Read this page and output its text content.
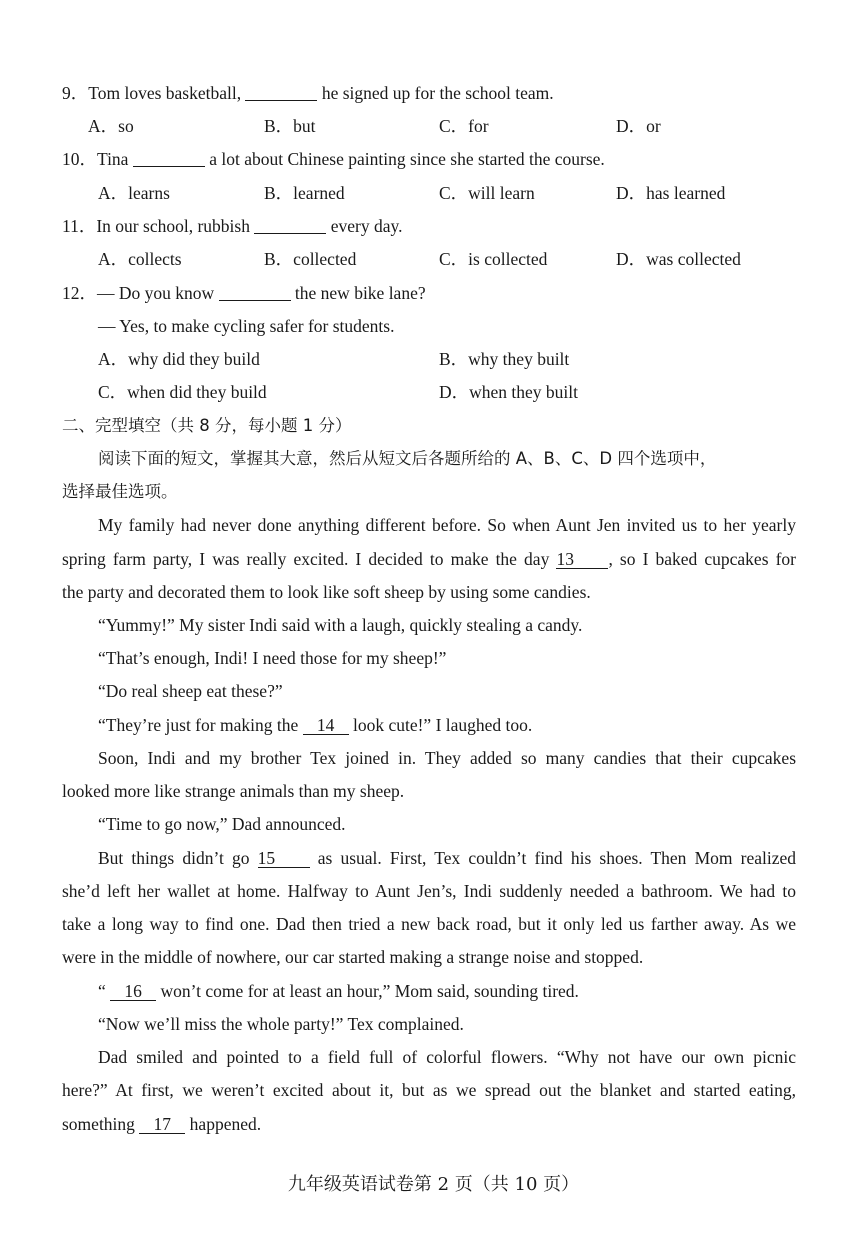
9．Tom loves basketball,	he signed up for the school team.
A．so	B．but	C．for	D．or
10．Tina	a lot about Chinese painting since she started the course.
A．learns	B．learned	C．will learn	D．has learned
11．In our school, rubbish	every day.
A．collects	B．collected	C．is collected	D．was collected
12．— Do you know	the new bike lane?
— Yes, to make cycling safer for students.
A．why did they build	B．why they built
C．when did they build	D．when they built
二、完型填空（共 8 分，每小题 1 分）
阅读下面的短文，掌握其大意，然后从短文后各题所给的 A、B、C、D 四个选项中，
选择最佳选项。
My family had never done anything different before. So when Aunt Jen invited us to her yearly
spring farm party, I was really excited. I decided to make the day 13 , so I baked cupcakes for
the party and decorated them to look like soft sheep by using some candies.
“Yummy!” My sister Indi said with a laugh, quickly stealing a candy.
“That’s enough, Indi! I need those for my sheep!”
“Do real sheep eat these?”
“They’re just for making the 14 look cute!” I laughed too.
Soon, Indi and my brother Tex joined in. They added so many candies that their cupcakes
looked more like strange animals than my sheep.
“Time to go now,” Dad announced.
But things didn’t go 15 as usual. First, Tex couldn’t find his shoes. Then Mom realized
she’d left her wallet at home. Halfway to Aunt Jen’s, Indi suddenly needed a bathroom. We had to
take a long way to find one. Dad then tried a new back road, but it only led us farther away. As we
were in the middle of nowhere, our car started making a strange noise and stopped.
“ 16 won’t come for at least an hour,” Mom said, sounding tired.
“Now we’ll miss the whole party!” Tex complained.
Dad smiled and pointed to a field full of colorful flowers. “Why not have our own picnic
here?” At first, we weren’t excited about it, but as we spread out the blanket and started eating,
something 17 happened.
九年级英语试卷第 2 页（共 10 页）
